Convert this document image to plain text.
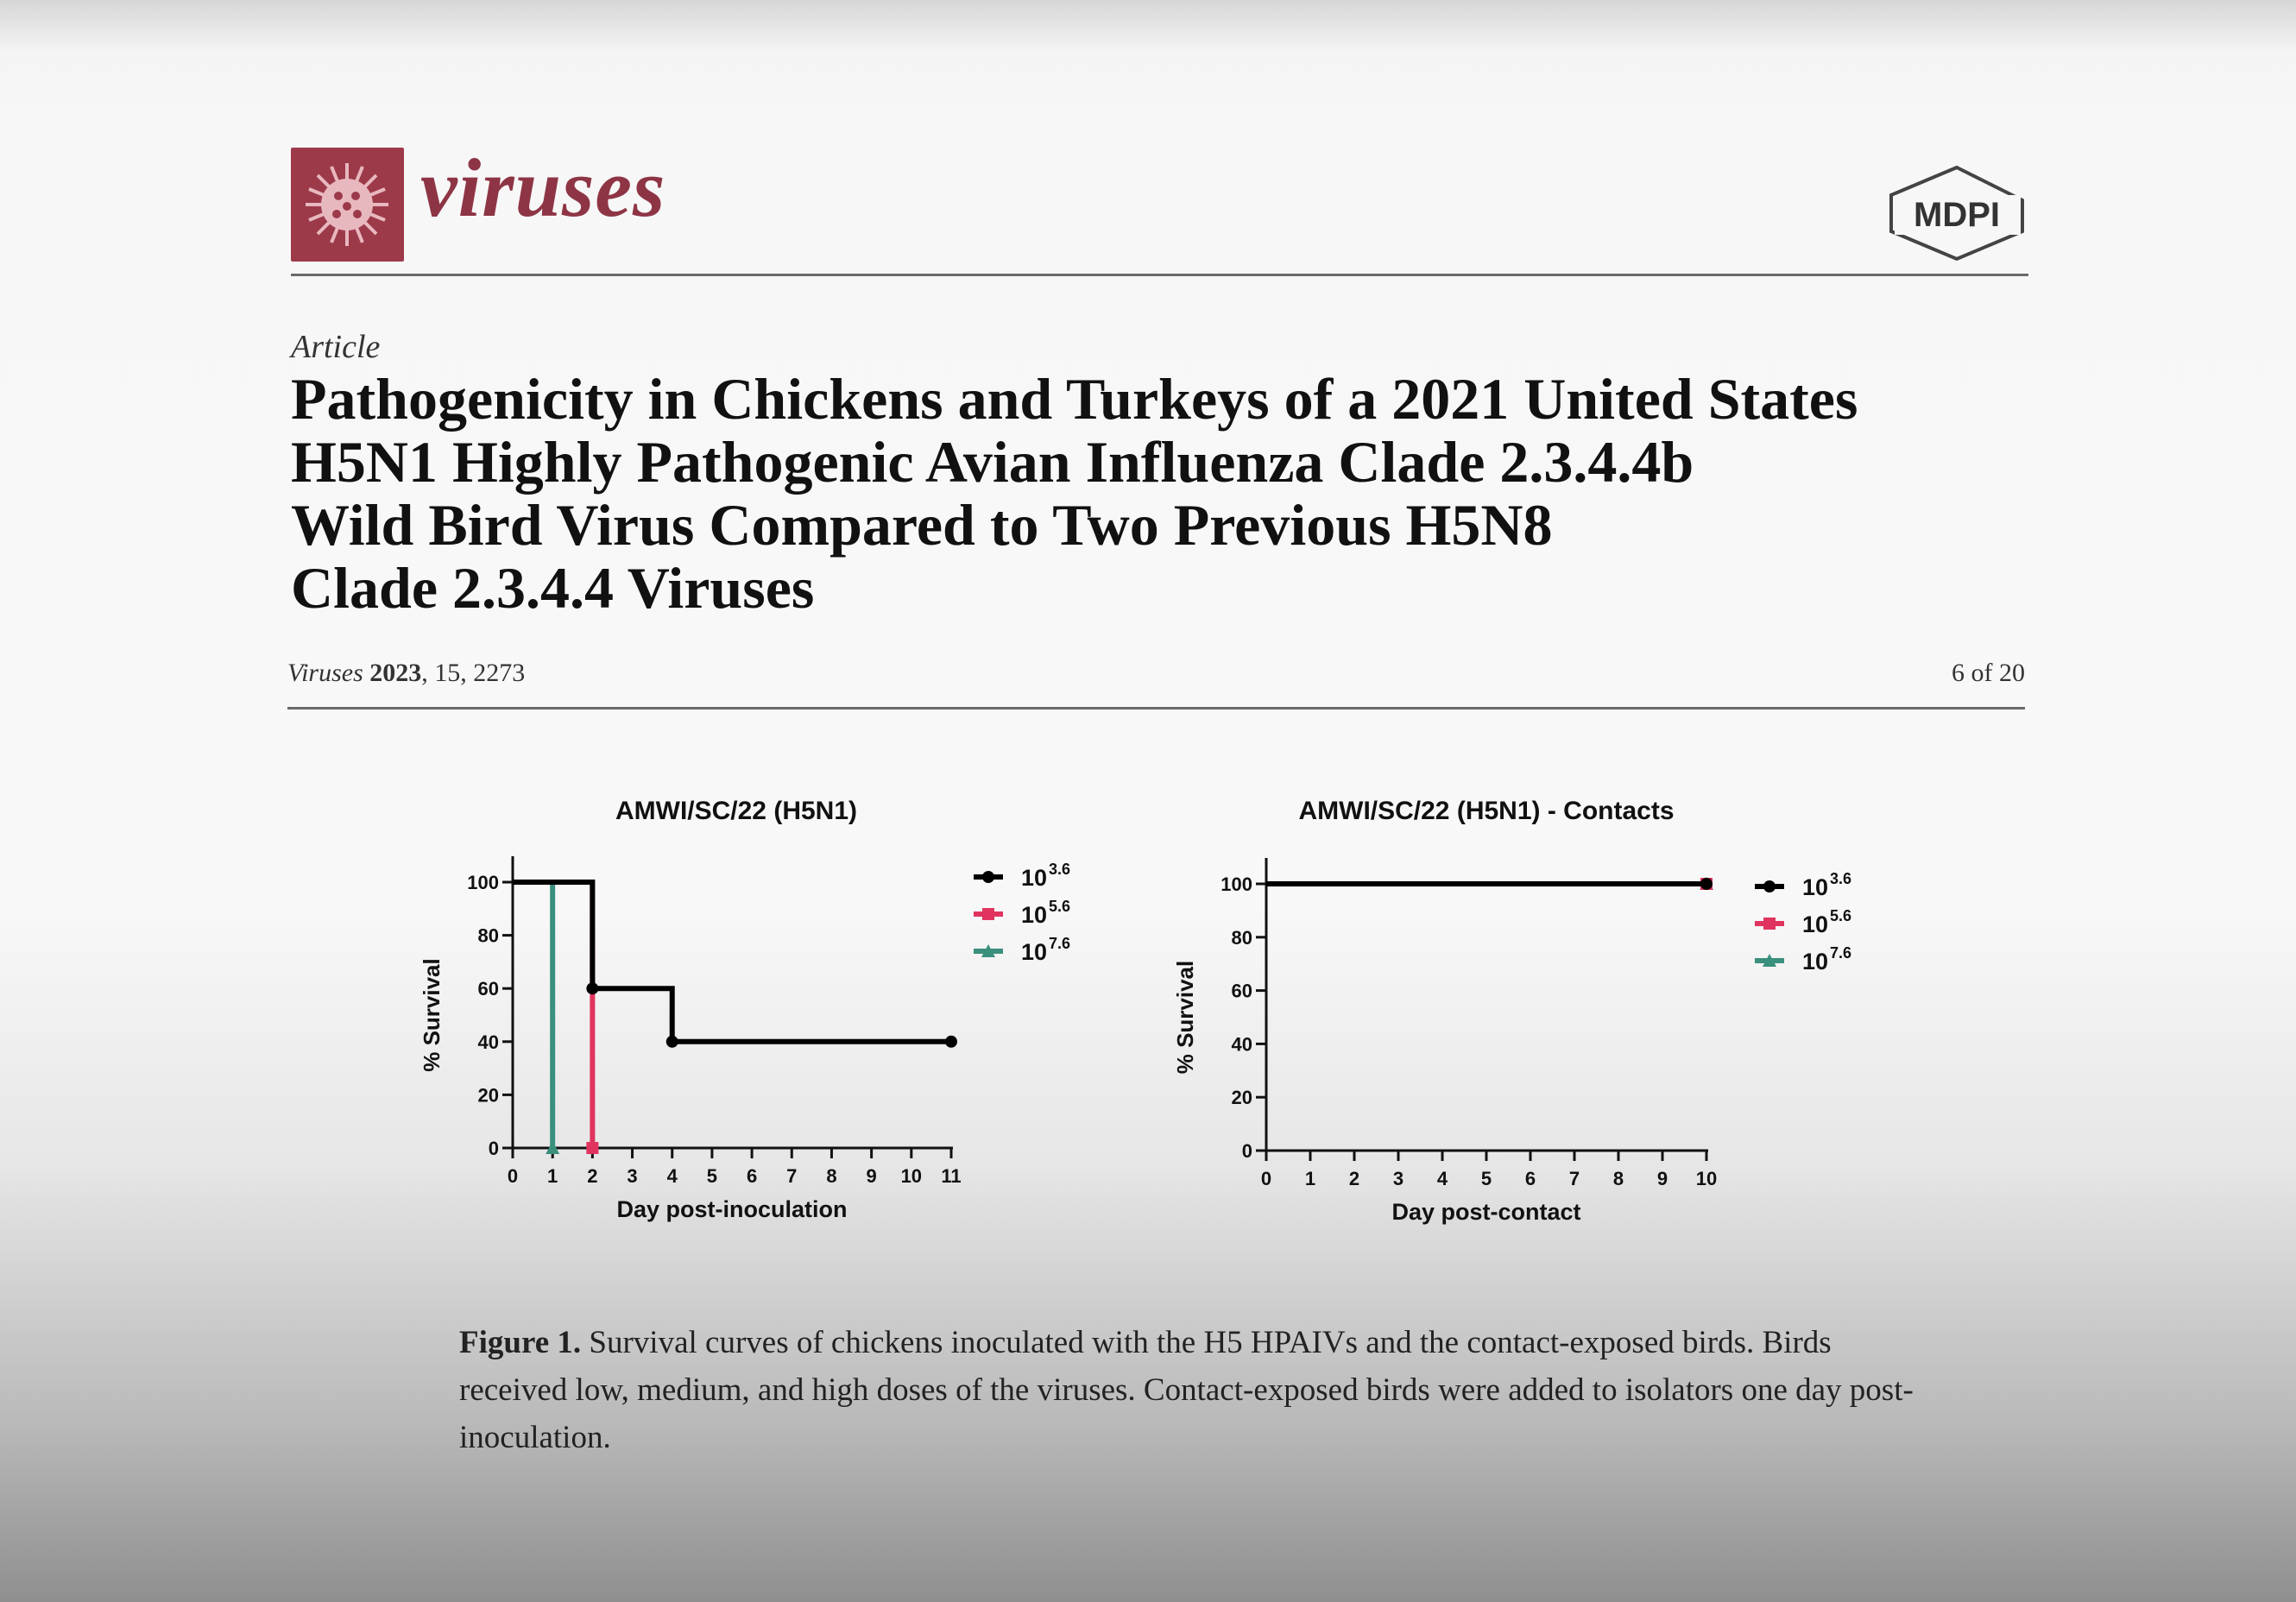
viruses	MDPI
Article
Pathogenicity in Chickens and Turkeys of a 2021 United States
H5N1 Highly Pathogenic Avian Influenza Clade 2.3.4.4b
Wild Bird Virus Compared to Two Previous H5N8
Clade 2.3.4.4 Viruses
Viruses 2023, 15, 2273	6 of 20
AMWI/SC/22 (H5N1)
0
20
40
60
80
100
0 1 2 3 4 5 6 7 8 9 10 11
Day post-inoculation
% Survival
10 3.6
10 5.6
10 7.6
AMWI/SC/22 (H5N1) - Contacts
0
20
40
60
80
100
0 1 2 3 4 5 6 7 8 9 10
Day post-contact
% Survival
10 3.6
10 5.6
10 7.6
Figure 1. Survival curves of chickens inoculated with the H5 HPAIVs and the contact-exposed birds. Birds received low, medium, and high doses of the viruses. Contact-exposed birds were added to isolators one day post-inoculation.
